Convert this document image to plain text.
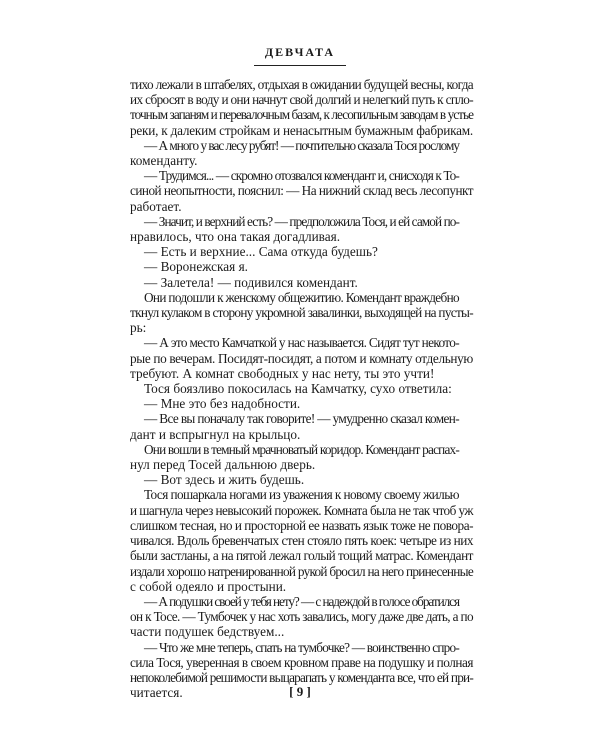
ДЕВЧАТА
тихо лежали в штабелях, отдыхая в ожидании будущей весны, когда
их сбросят в воду и они начнут свой долгий и нелегкий путь к спло-
точным запаням и перевалочным базам, к лесопильным заводам в устье
реки, к далеким стройкам и ненасытным бумажным фабрикам.
— А много у вас лесу рубят! — почтительно сказала Тося рослому
коменданту.
— Трудимся... — скромно отозвался комендант и, снисходя к То-
синой неопытности, пояснил: — На нижний склад весь лесопункт
работает.
— Значит, и верхний есть? — предположила Тося, и ей самой по-
нравилось, что она такая догадливая.
— Есть и верхние... Сама откуда будешь?
— Воронежская я.
— Залетела! — подивился комендант.
Они подошли к женскому общежитию. Комендант враждебно
ткнул кулаком в сторону укромной завалинки, выходящей на пусты-
рь:
— А это место Камчаткой у нас называется. Сидят тут некото-
рые по вечерам. Посидят-посидят, а потом и комнату отдельную
требуют. А комнат свободных у нас нету, ты это учти!
Тося боязливо покосилась на Камчатку, сухо ответила:
— Мне это без надобности.
— Все вы поначалу так говорите! — умудренно сказал комен-
дант и вспрыгнул на крыльцо.
Они вошли в темный мрачноватый коридор. Комендант распах-
нул перед Тосей дальнюю дверь.
— Вот здесь и жить будешь.
Тося пошаркала ногами из уважения к новому своему жилью
и шагнула через невысокий порожек. Комната была не так чтоб уж
слишком тесная, но и просторной ее назвать язык тоже не повора-
чивался. Вдоль бревенчатых стен стояло пять коек: четыре из них
были застланы, а на пятой лежал голый тощий матрас. Комендант
издали хорошо натренированной рукой бросил на него принесенные
с собой одеяло и простыни.
— А подушки своей у тебя нету? — с надеждой в голосе обратился
он к Тосе. — Тумбочек у нас хоть завались, могу даже две дать, а по
части подушек бедствуем...
— Что же мне теперь, спать на тумбочке? — воинственно спро-
сила Тося, уверенная в своем кровном праве на подушку и полная
непоколебимой решимости выцарапать у коменданта все, что ей при-
читается.	[ 9 ]
